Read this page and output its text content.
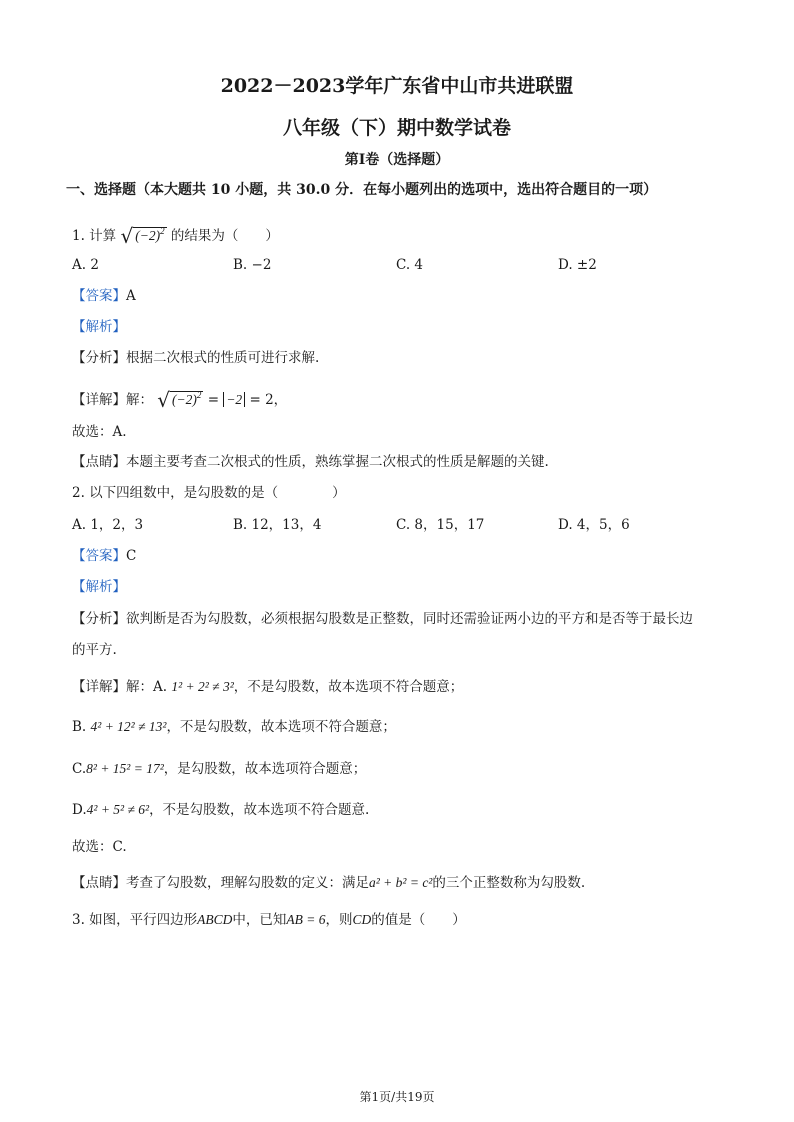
2022－2023学年广东省中山市共进联盟
八年级（下）期中数学试卷
第I卷（选择题）
一、选择题（本大题共 10 小题，共 30.0 分．在每小题列出的选项中，选出符合题目的一项）
1. 计算 √ $(-2)^2$ 的结果为（　　）
A. 2	B. −2	C. 4	D. ±2
【答案】A
【解析】
【分析】根据二次根式的性质可进行求解.
【详解】解： √ $(-2)^2 = -2 = 2$，
故选：A.
【点睛】本题主要考查二次根式的性质，熟练掌握二次根式的性质是解题的关键.
2. 以下四组数中，是勾股数的是（　　　　）
A. 1，2，3	B. 12，13，4	C. 8，15，17	D. 4，5，6
【答案】C
【解析】
【分析】欲判断是否为勾股数，必须根据勾股数是正整数，同时还需验证两小边的平方和是否等于最长边
的平方.
【详解】解：A. 1² + 2² ≠ 3²，不是勾股数，故本选项不符合题意；
B. 4² + 12² ≠ 13²，不是勾股数，故本选项不符合题意；
C.8² + 15² = 17²，是勾股数，故本选项符合题意；
D.4² + 5² ≠ 6²，不是勾股数，故本选项不符合题意.
故选：C.
【点睛】考查了勾股数，理解勾股数的定义：满足a² + b² = c²的三个正整数称为勾股数.
3. 如图，平行四边形ABCD中，已知AB = 6，则CD的值是（　　）
第1页/共19页
